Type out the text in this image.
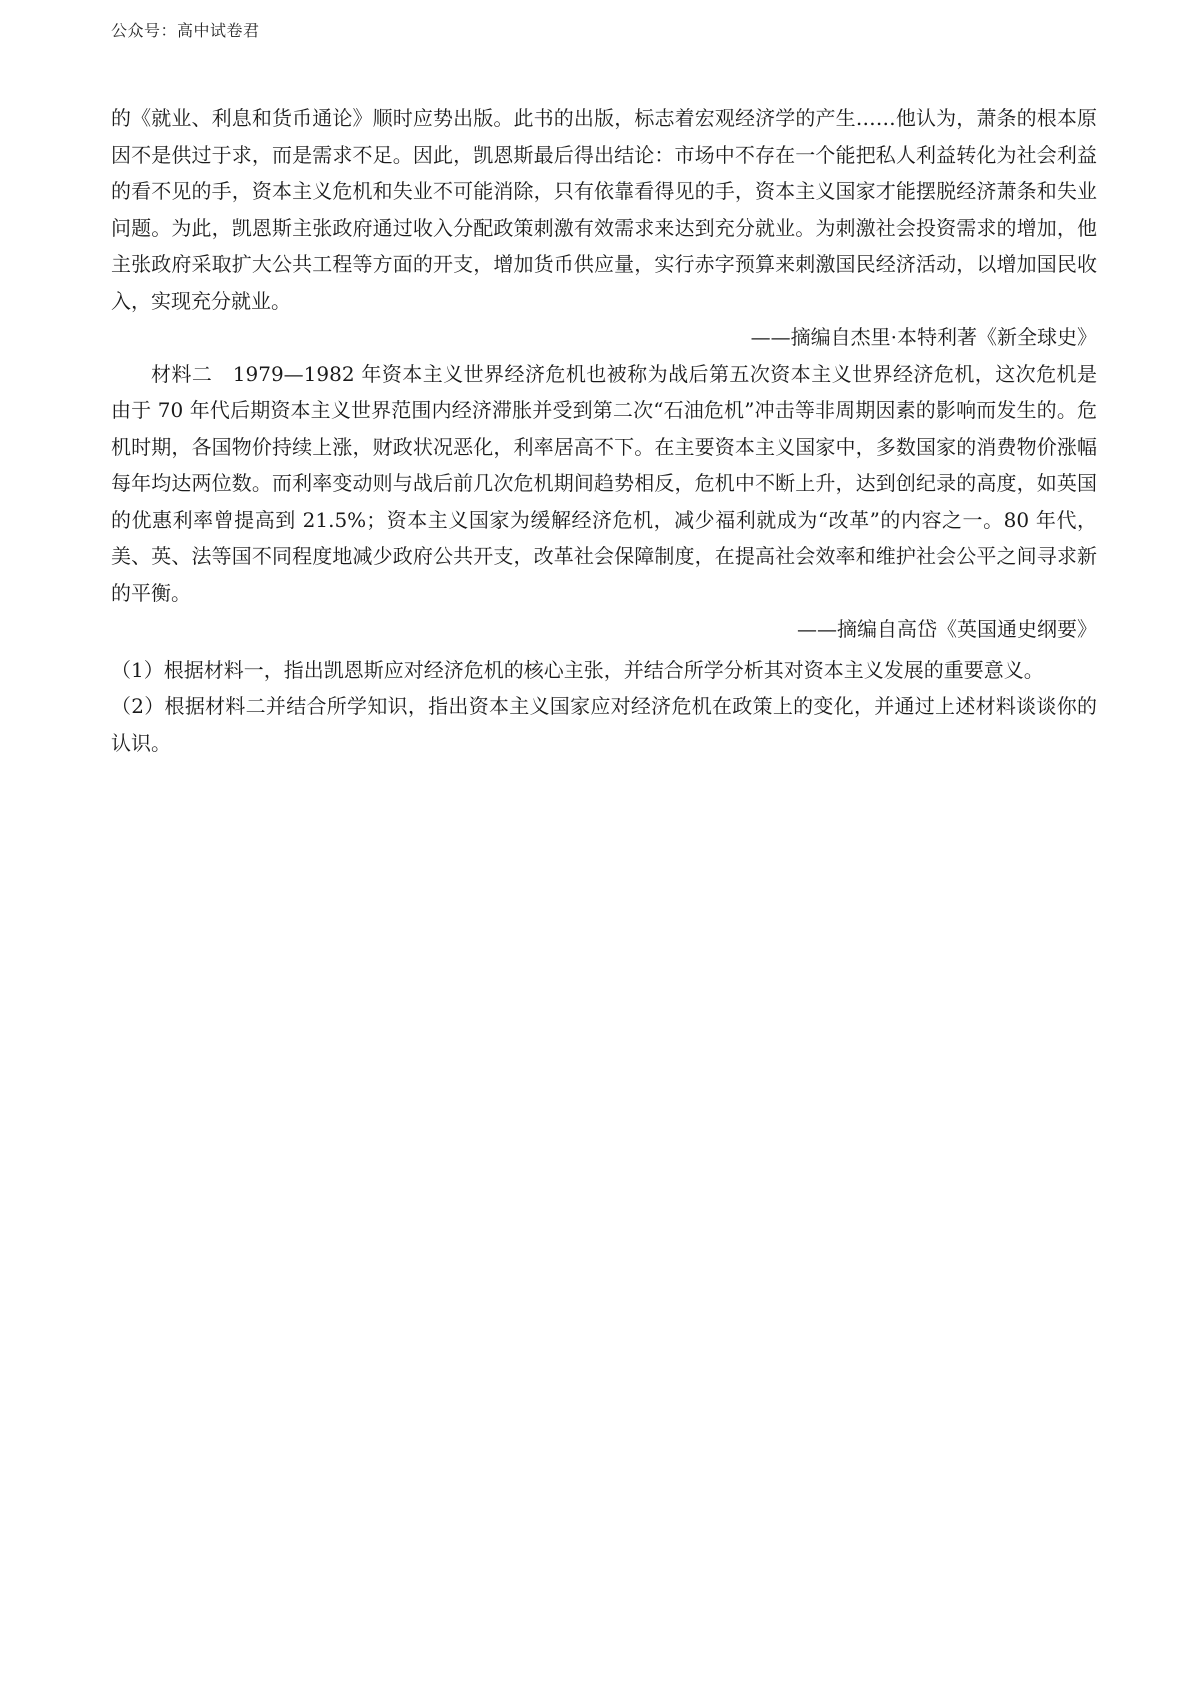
公众号：高中试卷君

的《就业、利息和货币通论》顺时应势出版。此书的出版，标志着宏观经济学的产生……他认为，萧条的根本原因不是供过于求，而是需求不足。因此，凯恩斯最后得出结论：市场中不存在一个能把私人利益转化为社会利益的看不见的手，资本主义危机和失业不可能消除，只有依靠看得见的手，资本主义国家才能摆脱经济萧条和失业问题。为此，凯恩斯主张政府通过收入分配政策刺激有效需求来达到充分就业。为刺激社会投资需求的增加，他主张政府采取扩大公共工程等方面的开支，增加货币供应量，实行赤字预算来刺激国民经济活动，以增加国民收入，实现充分就业。

——摘编自杰里·本特利著《新全球史》

材料二　1979—1982 年资本主义世界经济危机也被称为战后第五次资本主义世界经济危机，这次危机是由于 70 年代后期资本主义世界范围内经济滞胀并受到第二次“石油危机”冲击等非周期因素的影响而发生的。危机时期，各国物价持续上涨，财政状况恶化，利率居高不下。在主要资本主义国家中，多数国家的消费物价涨幅每年均达两位数。而利率变动则与战后前几次危机期间趋势相反，危机中不断上升，达到创纪录的高度，如英国的优惠利率曾提高到 21.5%；资本主义国家为缓解经济危机，减少福利就成为“改革”的内容之一。80 年代，美、英、法等国不同程度地减少政府公共开支，改革社会保障制度，在提高社会效率和维护社会公平之间寻求新的平衡。

——摘编自高岱《英国通史纲要》

（1）根据材料一，指出凯恩斯应对经济危机的核心主张，并结合所学分析其对资本主义发展的重要意义。

（2）根据材料二并结合所学知识，指出资本主义国家应对经济危机在政策上的变化，并通过上述材料谈谈你的认识。
